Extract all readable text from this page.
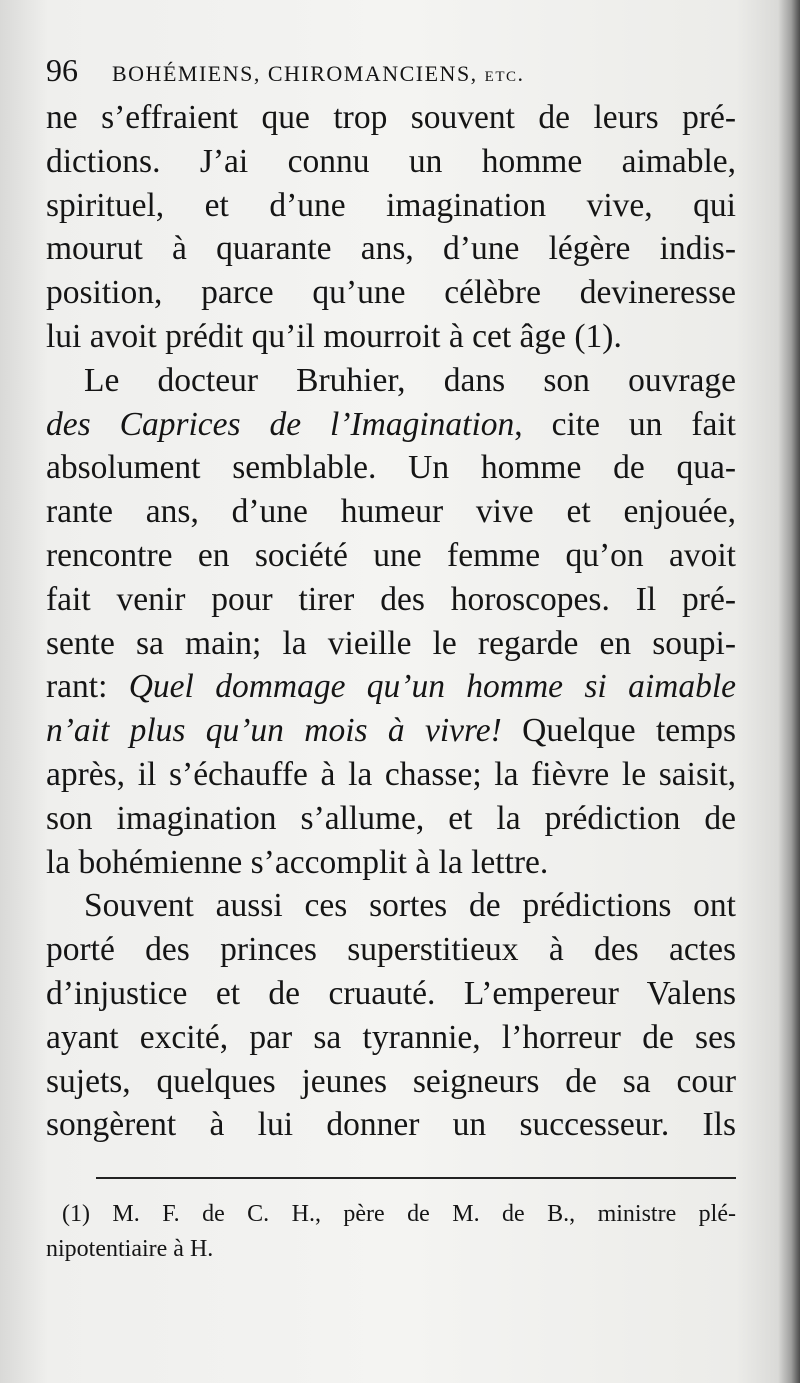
96 BOHÉMIENS, CHIROMANCIENS, etc.
ne s’effraient que trop souvent de leurs pré-
dictions. J’ai connu un homme aimable,
spirituel, et d’une imagination vive, qui
mourut à quarante ans, d’une légère indis-
position, parce qu’une célèbre devineresse
lui avoit prédit qu’il mourroit à cet âge (1).
Le docteur Bruhier, dans son ouvrage
des Caprices de l’Imagination, cite un fait
absolument semblable. Un homme de qua-
rante ans, d’une humeur vive et enjouée,
rencontre en société une femme qu’on avoit
fait venir pour tirer des horoscopes. Il pré-
sente sa main; la vieille le regarde en soupi-
rant: Quel dommage qu’un homme si aimable
n’ait plus qu’un mois à vivre! Quelque temps
après, il s’échauffe à la chasse; la fièvre le saisit,
son imagination s’allume, et la prédiction de
la bohémienne s’accomplit à la lettre.
Souvent aussi ces sortes de prédictions ont
porté des princes superstitieux à des actes
d’injustice et de cruauté. L’empereur Valens
ayant excité, par sa tyrannie, l’horreur de ses
sujets, quelques jeunes seigneurs de sa cour
songèrent à lui donner un successeur. Ils
(1) M. F. de C. H., père de M. de B., ministre plé-
nipotentiaire à H.
